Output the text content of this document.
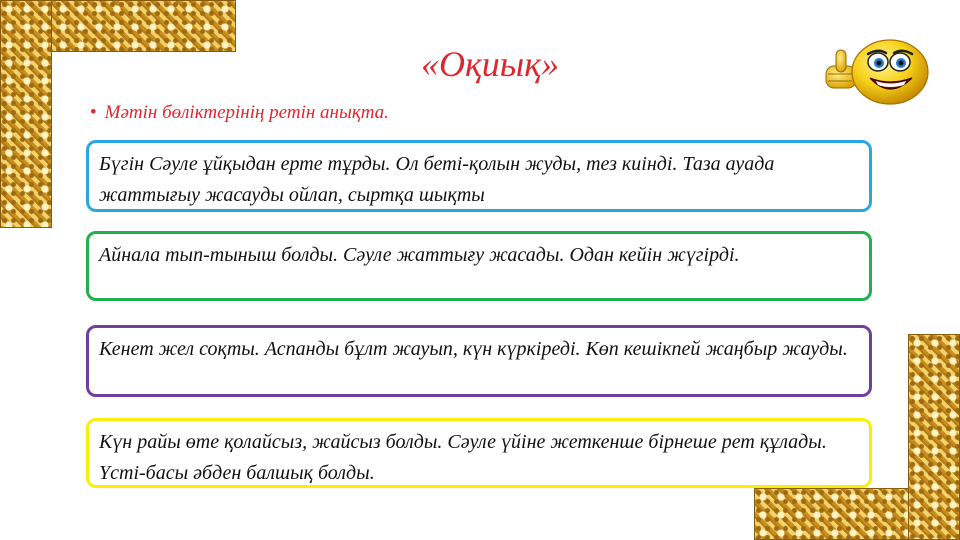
«Оқиық»
• Мәтін бөліктерінің ретін анықта.
Бүгін Сәуле ұйқыдан ерте тұрды. Ол беті-қолын жуды, тез киінді. Таза ауада жаттығыу жасауды ойлап, сыртқа шықты
Айнала тып-тыныш болды. Сәуле жаттығу жасады. Одан кейін жүгірді.
Кенет жел соқты. Аспанды бұлт жауып, күн күркіреді. Көп кешікпей жаңбыр жауды.
Күн райы өте қолайсыз, жайсыз болды. Сәуле үйіне жеткенше бірнеше рет құлады. Үсті-басы әбден балшық болды.
